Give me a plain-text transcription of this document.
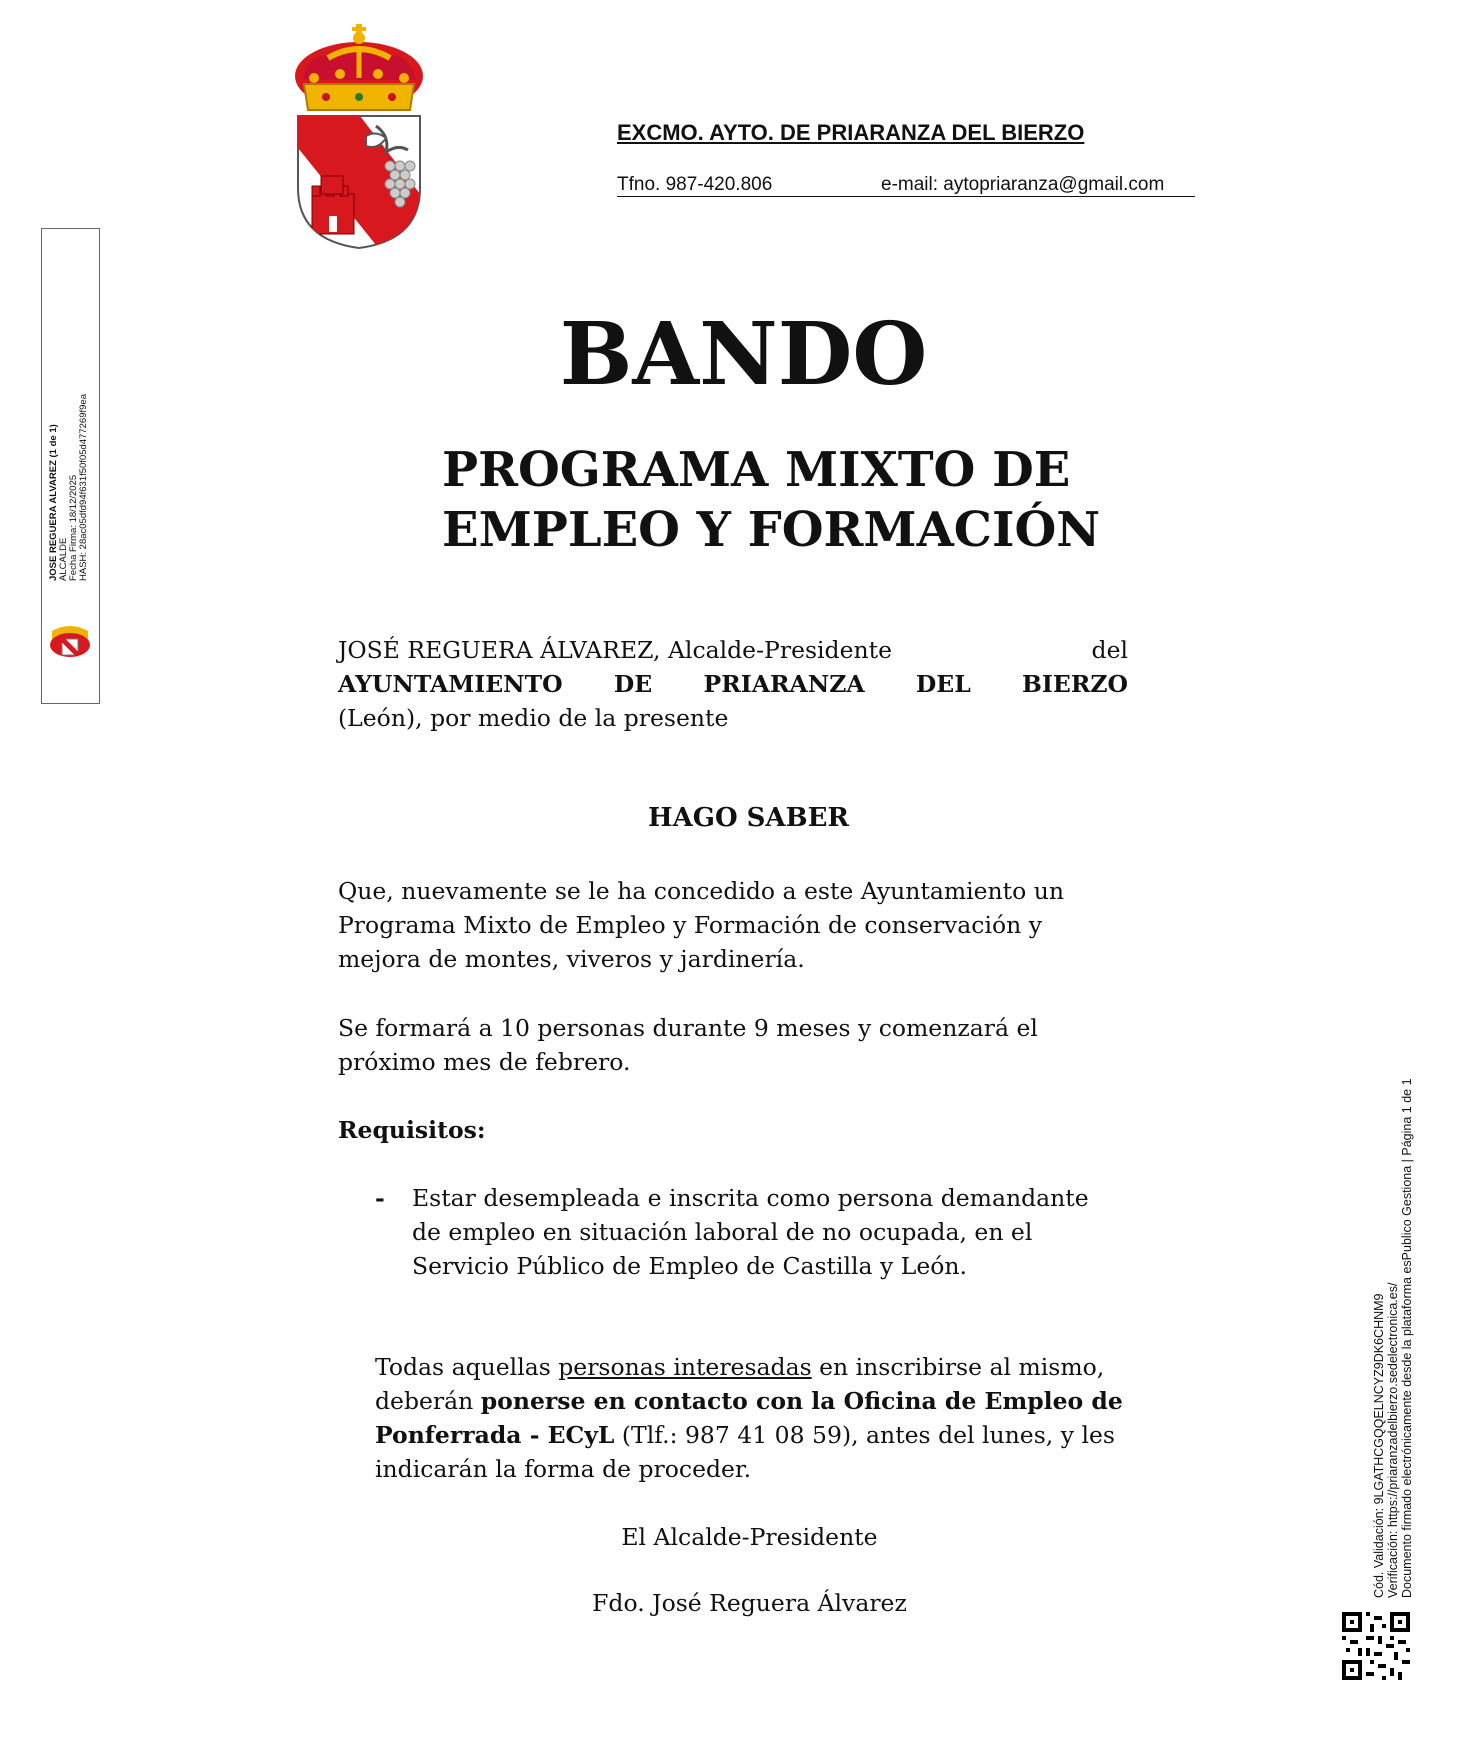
EXCMO. AYTO. DE PRIARANZA DEL BIERZO
Tfno. 987-420.806	e-mail: aytopriaranza@gmail.com
BANDO
PROGRAMA MIXTO DE
EMPLEO Y FORMACIÓN
JOSÉ REGUERA ÁLVAREZ, Alcalde-Presidente	del
AYUNTAMIENTO DE PRIARANZA DEL BIERZO
(León), por medio de la presente
HAGO SABER
Que, nuevamente se le ha concedido a este Ayuntamiento un
Programa Mixto de Empleo y Formación de conservación y
mejora de montes, viveros y jardinería.
Se formará a 10 personas durante 9 meses y comenzará el
próximo mes de febrero.
Requisitos:
- Estar desempleada e inscrita como persona demandante
de empleo en situación laboral de no ocupada, en el
Servicio Público de Empleo de Castilla y León.
Todas aquellas personas interesadas en inscribirse al mismo,
deberán ponerse en contacto con la Oficina de Empleo de
Ponferrada - ECyL (Tlf.: 987 41 08 59), antes del lunes, y les
indicarán la forma de proceder.
El Alcalde-Presidente
Fdo. José Reguera Álvarez
JOSE REGUERA ALVAREZ (1 de 1) ALCALDE Fecha Firma: 18/12/2025 HASH: 28ac05dfd94f631f50f05d477269f9ea
Cód. Validación: 9LGATHCGQQELNCYZ9DK6CHNM9 Verificación: https://priaranzadelbierzo.sedelectronica.es/ Documento firmado electrónicamente desde la plataforma esPublico Gestiona | Página 1 de 1
